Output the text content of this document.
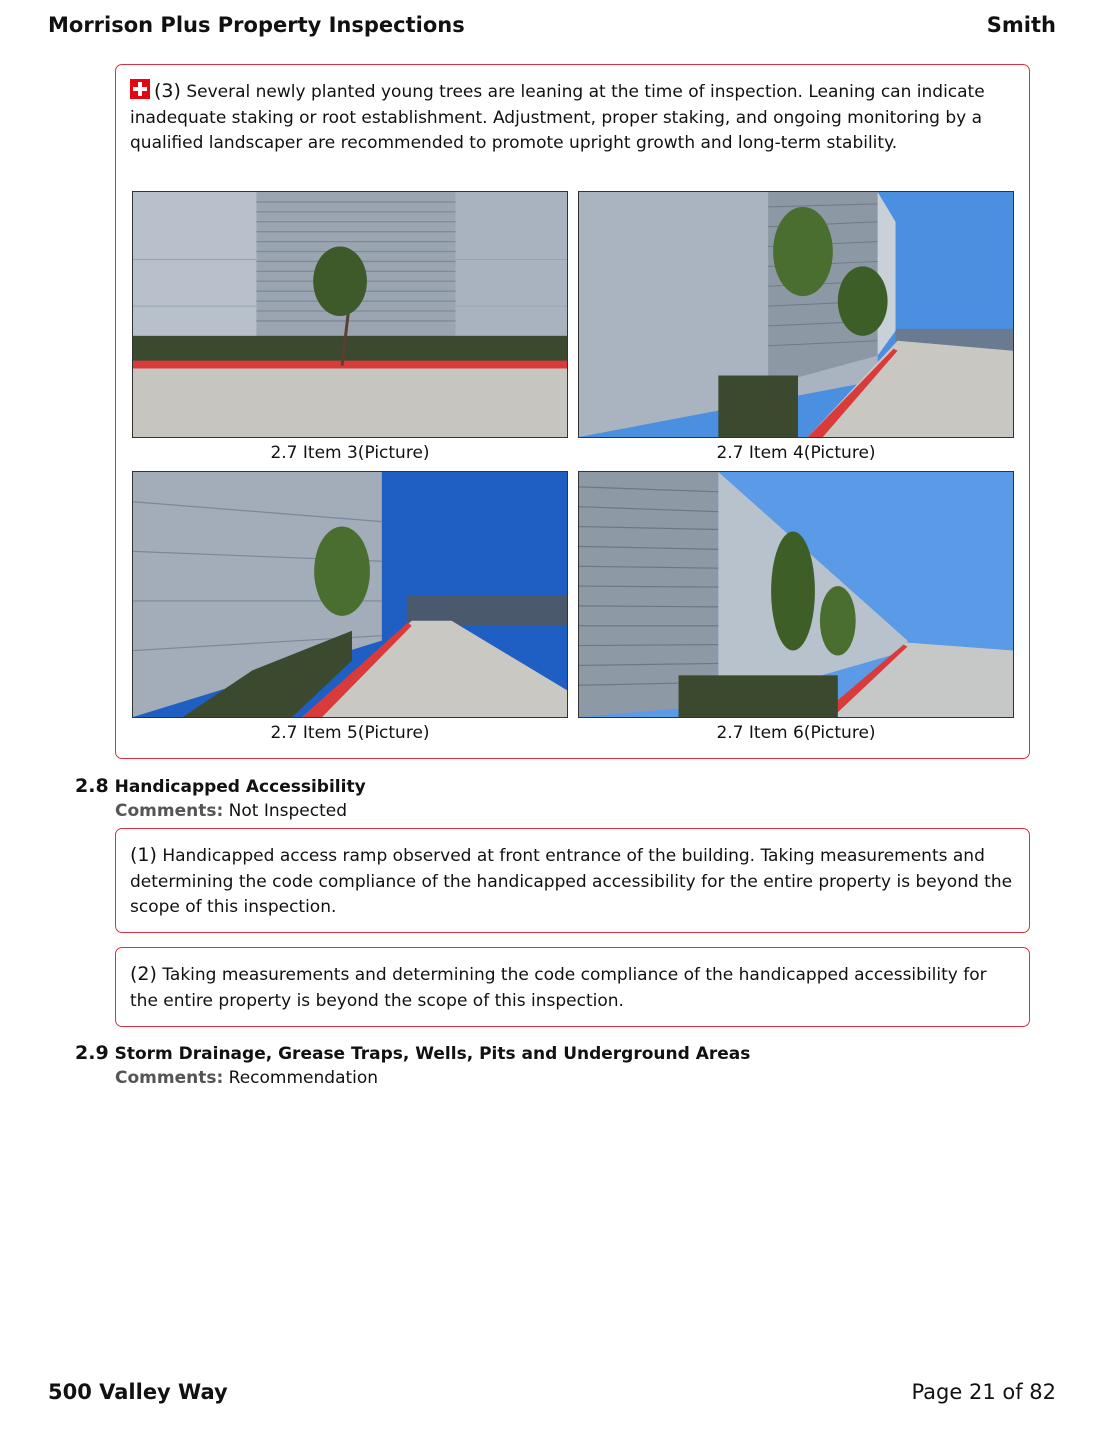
Morrison Plus Property Inspections	Smith
(3) Several newly planted young trees are leaning at the time of inspection. Leaning can indicate inadequate staking or root establishment. Adjustment, proper staking, and ongoing monitoring by a qualified landscaper are recommended to promote upright growth and long-term stability.
2.7 Item 3(Picture)	2.7 Item 4(Picture)
2.7 Item 5(Picture)	2.7 Item 6(Picture)
2.8 Handicapped Accessibility
Comments: Not Inspected
(1) Handicapped access ramp observed at front entrance of the building. Taking measurements and determining the code compliance of the handicapped accessibility for the entire property is beyond the scope of this inspection.
(2) Taking measurements and determining the code compliance of the handicapped accessibility for the entire property is beyond the scope of this inspection.
2.9 Storm Drainage, Grease Traps, Wells, Pits and Underground Areas
Comments: Recommendation
500 Valley Way	Page 21 of 82
